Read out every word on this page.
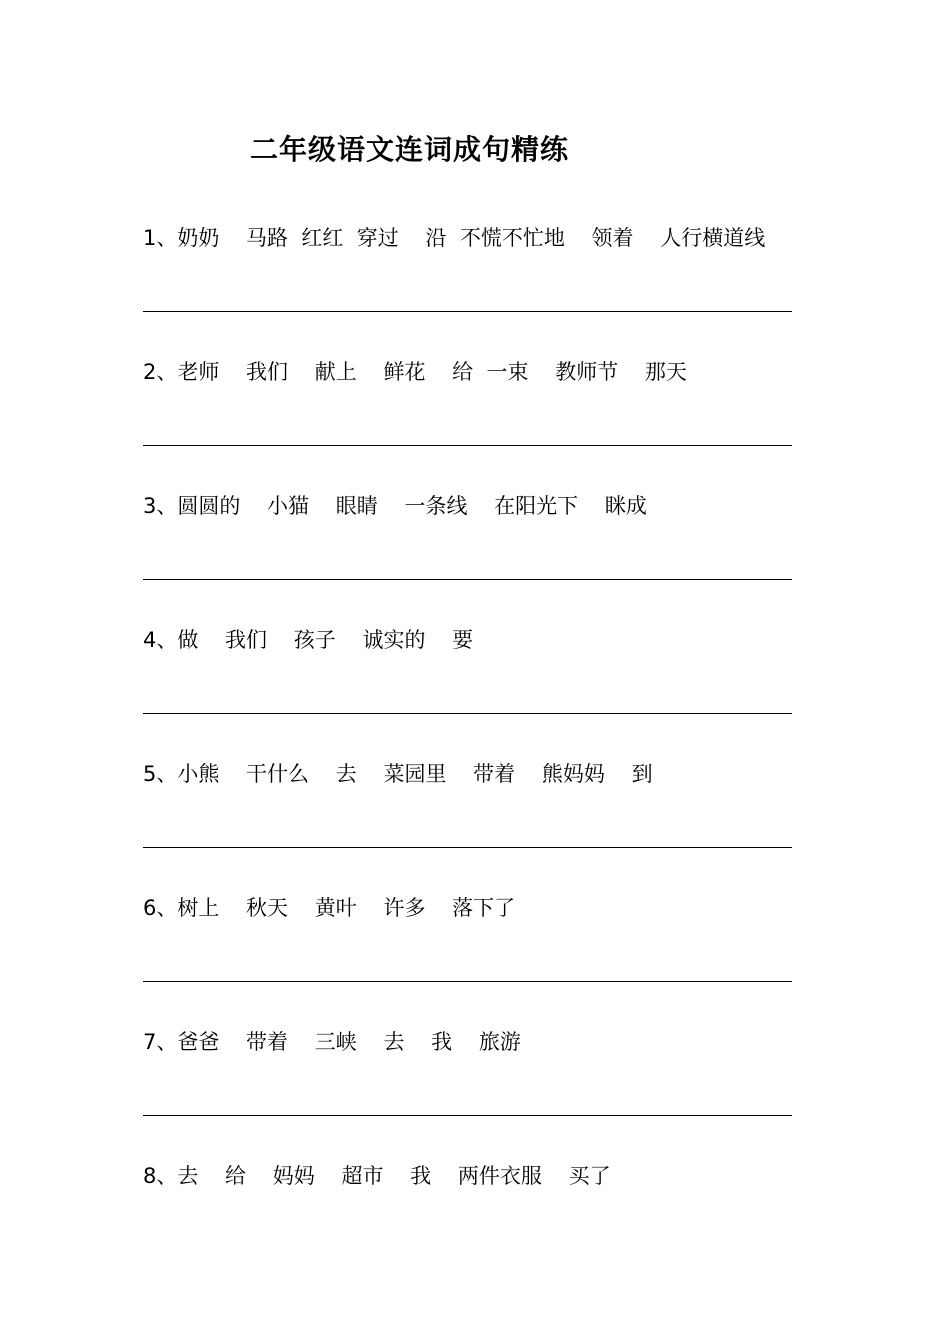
二年级语文连词成句精练
1、奶奶    马路  红红  穿过    沿  不慌不忙地    领着    人行横道线
2、老师    我们    献上    鲜花    给  一束    教师节    那天
3、圆圆的    小猫    眼睛    一条线    在阳光下    眯成
4、做    我们    孩子    诚实的    要
5、小熊    干什么    去    菜园里    带着    熊妈妈    到
6、树上    秋天    黄叶    许多    落下了
7、爸爸    带着    三峡    去    我    旅游
8、去    给    妈妈    超市    我    两件衣服    买了
